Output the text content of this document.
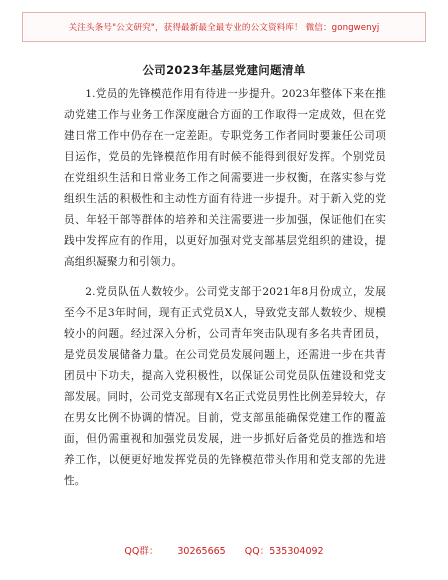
关注头条号"公文研究"，获得最新最全最专业的公文资料库！ 微信：gongwenyj
公司2023年基层党建问题清单

1.党员的先锋模范作用有待进一步提升。2023年整体下来在推动党建工作与业务工作深度融合方面的工作取得一定成效，但在党建日常工作中仍存在一定差距。专职党务工作者同时要兼任公司项目运作，党员的先锋模范作用有时候不能得到很好发挥。个别党员在党组织生活和日常业务工作之间需要进一步权衡，在落实参与党组织生活的积极性和主动性方面有待进一步提升。对于新入党的党员、年轻干部等群体的培养和关注需要进一步加强，保证他们在实践中发挥应有的作用，以更好加强对党支部基层党组织的建设，提高组织凝聚力和引领力。

2.党员队伍人数较少。公司党支部于2021年8月份成立，发展至今不足3年时间，现有正式党员X人，导致党支部人数较少、规模较小的问题。经过深入分析，公司青年突击队现有多名共青团员，是党员发展储备力量。在公司党员发展问题上，还需进一步在共青团员中下功夫，提高入党积极性，以保证公司党员队伍建设和党支部发展。同时，公司党支部现有X名正式党员男性比例差异较大，存在男女比例不协调的情况。目前，党支部虽能确保党建工作的覆盖面，但仍需重视和加强党员发展，进一步抓好后备党员的推选和培养工作，以便更好地发挥党员的先锋模范带头作用和党支部的先进性。

QQ群： 30265665 QQ：535304092
